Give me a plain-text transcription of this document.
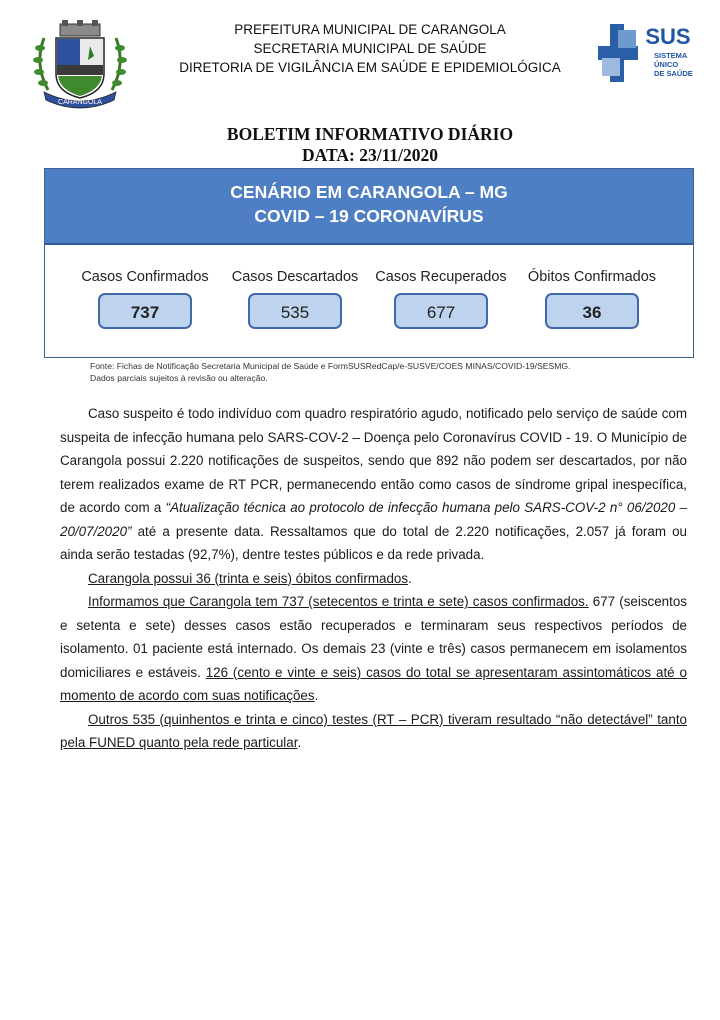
CARANGOLA
PREFEITURA MUNICIPAL DE CARANGOLA
SECRETARIA MUNICIPAL DE SAÚDE
DIRETORIA DE VIGILÂNCIA EM SAÚDE E EPIDEMIOLÓGICA
SUS
SISTEMA
ÚNICO
DE SAÚDE
BOLETIM INFORMATIVO DIÁRIO
DATA: 23/11/2020
CENÁRIO EM CARANGOLA – MG
COVID – 19 CORONAVÍRUS
Casos Confirmados
737
Casos Descartados
535
Casos Recuperados
677
Óbitos Confirmados
36
Fonte: Fichas de Notificação Secretaria Municipal de Saúde e FormSUSRedCap/e-SUSVE/COES MINAS/COVID-19/SESMG.
Dados parciais sujeitos à revisão ou alteração.

Caso suspeito é todo indivíduo com quadro respiratório agudo, notificado pelo serviço de saúde com suspeita de infecção humana pelo SARS-COV-2 – Doença pelo Coronavírus COVID - 19. O Município de Carangola possui 2.220 notificações de suspeitos, sendo que 892 não podem ser descartados, por não terem realizados exame de RT PCR, permanecendo então como casos de síndrome gripal inespecífica, de acordo com a “Atualização técnica ao protocolo de infecção humana pelo SARS-COV-2 n° 06/2020 – 20/07/2020” até a presente data. Ressaltamos que do total de 2.220 notificações, 2.057 já foram ou ainda serão testadas (92,7%), dentre testes públicos e da rede privada.

Carangola possui 36 (trinta e seis) óbitos confirmados.

Informamos que Carangola tem 737 (setecentos e trinta e sete) casos confirmados. 677 (seiscentos e setenta e sete) desses casos estão recuperados e terminaram seus respectivos períodos de isolamento. 01 paciente está internado. Os demais 23 (vinte e três) casos permanecem em isolamentos domiciliares e estáveis. 126 (cento e vinte e seis) casos do total se apresentaram assintomáticos até o momento de acordo com suas notificações.

Outros 535 (quinhentos e trinta e cinco) testes (RT – PCR) tiveram resultado “não detectável” tanto pela FUNED quanto pela rede particular.
